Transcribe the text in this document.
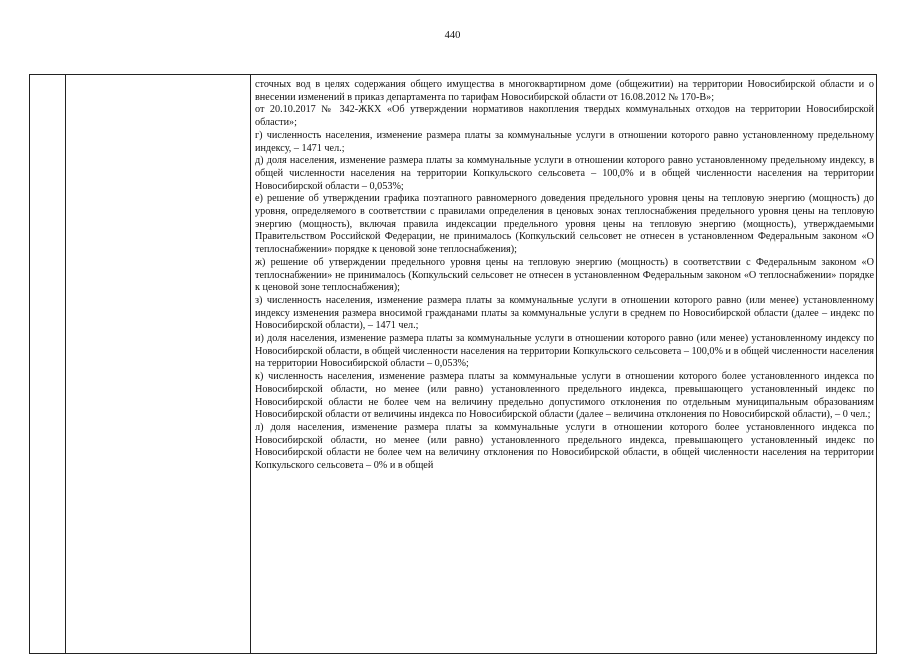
440

сточных вод в целях содержания общего имущества в многоквартирном доме (общежитии) на территории Новосибирской области и о внесении изменений в приказ департамента по тарифам Новосибирской области от 16.08.2012 № 170-В»;

от 20.10.2017 № 342-ЖКХ «Об утверждении нормативов накопления твердых коммунальных отходов на территории Новосибирской области»;

г) численность населения, изменение размера платы за коммунальные услуги в отношении которого равно установленному предельному индексу, – 1471 чел.;

д) доля населения, изменение размера платы за коммунальные услуги в отношении которого равно установленному предельному индексу, в общей численности населения на территории Копкульского сельсовета – 100,0% и в общей численности населения на территории Новосибирской области – 0,053%;

е) решение об утверждении графика поэтапного равномерного доведения предельного уровня цены на тепловую энергию (мощность) до уровня, определяемого в соответствии с правилами определения в ценовых зонах теплоснабжения предельного уровня цены на тепловую энергию (мощность), включая правила индексации предельного уровня цены на тепловую энергию (мощность), утверждаемыми Правительством Российской Федерации, не принималось (Копкульский сельсовет не отнесен в установленном Федеральным законом «О теплоснабжении» порядке к ценовой зоне теплоснабжения);

ж) решение об утверждении предельного уровня цены на тепловую энергию (мощность) в соответствии с Федеральным законом «О теплоснабжении» не принималось (Копкульский сельсовет не отнесен в установленном Федеральным законом «О теплоснабжении» порядке к ценовой зоне теплоснабжения);

з) численность населения, изменение размера платы за коммунальные услуги в отношении которого равно (или менее) установленному индексу изменения размера вносимой гражданами платы за коммунальные услуги в среднем по Новосибирской области (далее – индекс по Новосибирской области), – 1471 чел.;

и) доля населения, изменение размера платы за коммунальные услуги в отношении которого равно (или менее) установленному индексу по Новосибирской области, в общей численности населения на территории Копкульского сельсовета – 100,0% и в общей численности населения на территории Новосибирской области – 0,053%;

к) численность населения, изменение размера платы за коммунальные услуги в отношении которого более установленного индекса по Новосибирской области, но менее (или равно) установленного предельного индекса, превышающего установленный индекс по Новосибирской области не более чем на величину предельно допустимого отклонения по отдельным муниципальным образованиям Новосибирской области от величины индекса по Новосибирской области (далее – величина отклонения по Новосибирской области), – 0 чел.;

л) доля населения, изменение размера платы за коммунальные услуги в отношении которого более установленного индекса по Новосибирской области, но менее (или равно) установленного предельного индекса, превышающего установленный индекс по Новосибирской области не более чем на величину отклонения по Новосибирской области, в общей численности населения на территории Копкульского сельсовета – 0% и в общей
